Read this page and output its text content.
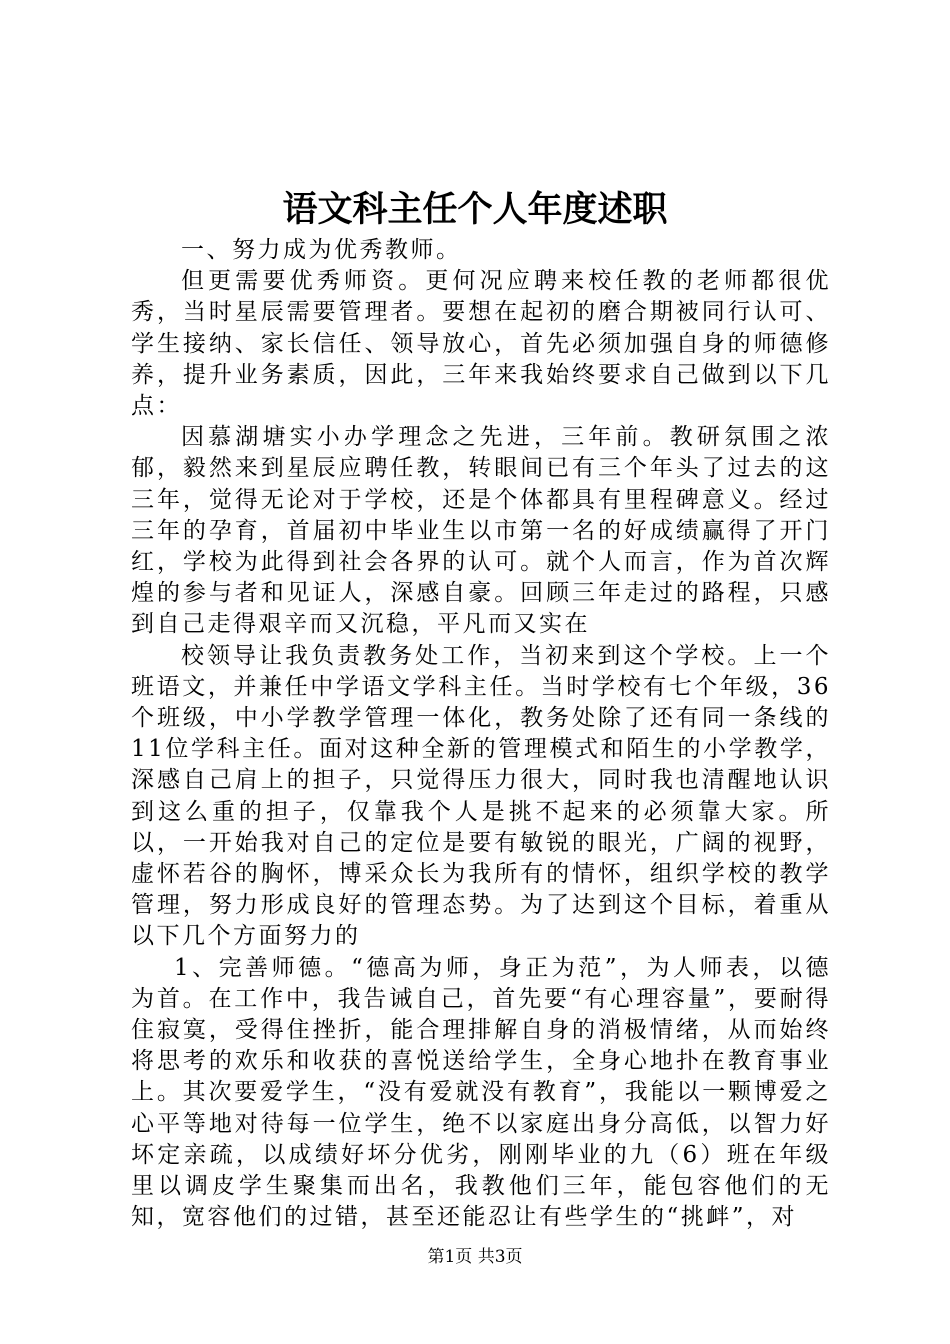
语文科主任个人年度述职

一、努力成为优秀教师。

但更需要优秀师资。更何况应聘来校任教的老师都很优秀，当时星辰需要管理者。要想在起初的磨合期被同行认可、学生接纳、家长信任、领导放心，首先必须加强自身的师德修养，提升业务素质，因此，三年来我始终要求自己做到以下几点：

因慕湖塘实小办学理念之先进，三年前。教研氛围之浓郁，毅然来到星辰应聘任教，转眼间已有三个年头了过去的这三年，觉得无论对于学校，还是个体都具有里程碑意义。经过三年的孕育，首届初中毕业生以市第一名的好成绩赢得了开门红，学校为此得到社会各界的认可。就个人而言，作为首次辉煌的参与者和见证人，深感自豪。回顾三年走过的路程，只感到自己走得艰辛而又沉稳，平凡而又实在

校领导让我负责教务处工作，当初来到这个学校。上一个班语文，并兼任中学语文学科主任。当时学校有七个年级，36个班级，中小学教学管理一体化，教务处除了还有同一条线的11位学科主任。面对这种全新的管理模式和陌生的小学教学，深感自己肩上的担子，只觉得压力很大，同时我也清醒地认识到这么重的担子，仅靠我个人是挑不起来的必须靠大家。所以，一开始我对自己的定位是要有敏锐的眼光，广阔的视野，虚怀若谷的胸怀，博采众长为我所有的情怀，组织学校的教学管理，努力形成良好的管理态势。为了达到这个目标，着重从以下几个方面努力的

1、完善师德。“德高为师，身正为范”，为人师表，以德为首。在工作中，我告诫自己，首先要“有心理容量”，要耐得住寂寞，受得住挫折，能合理排解自身的消极情绪，从而始终将思考的欢乐和收获的喜悦送给学生，全身心地扑在教育事业上。其次要爱学生，“没有爱就没有教育”，我能以一颗博爱之心平等地对待每一位学生，绝不以家庭出身分高低，以智力好坏定亲疏，以成绩好坏分优劣，刚刚毕业的九（6）班在年级里以调皮学生聚集而出名，我教他们三年，能包容他们的无知，宽容他们的过错，甚至还能忍让有些学生的“挑衅”，对

第1页 共3页
